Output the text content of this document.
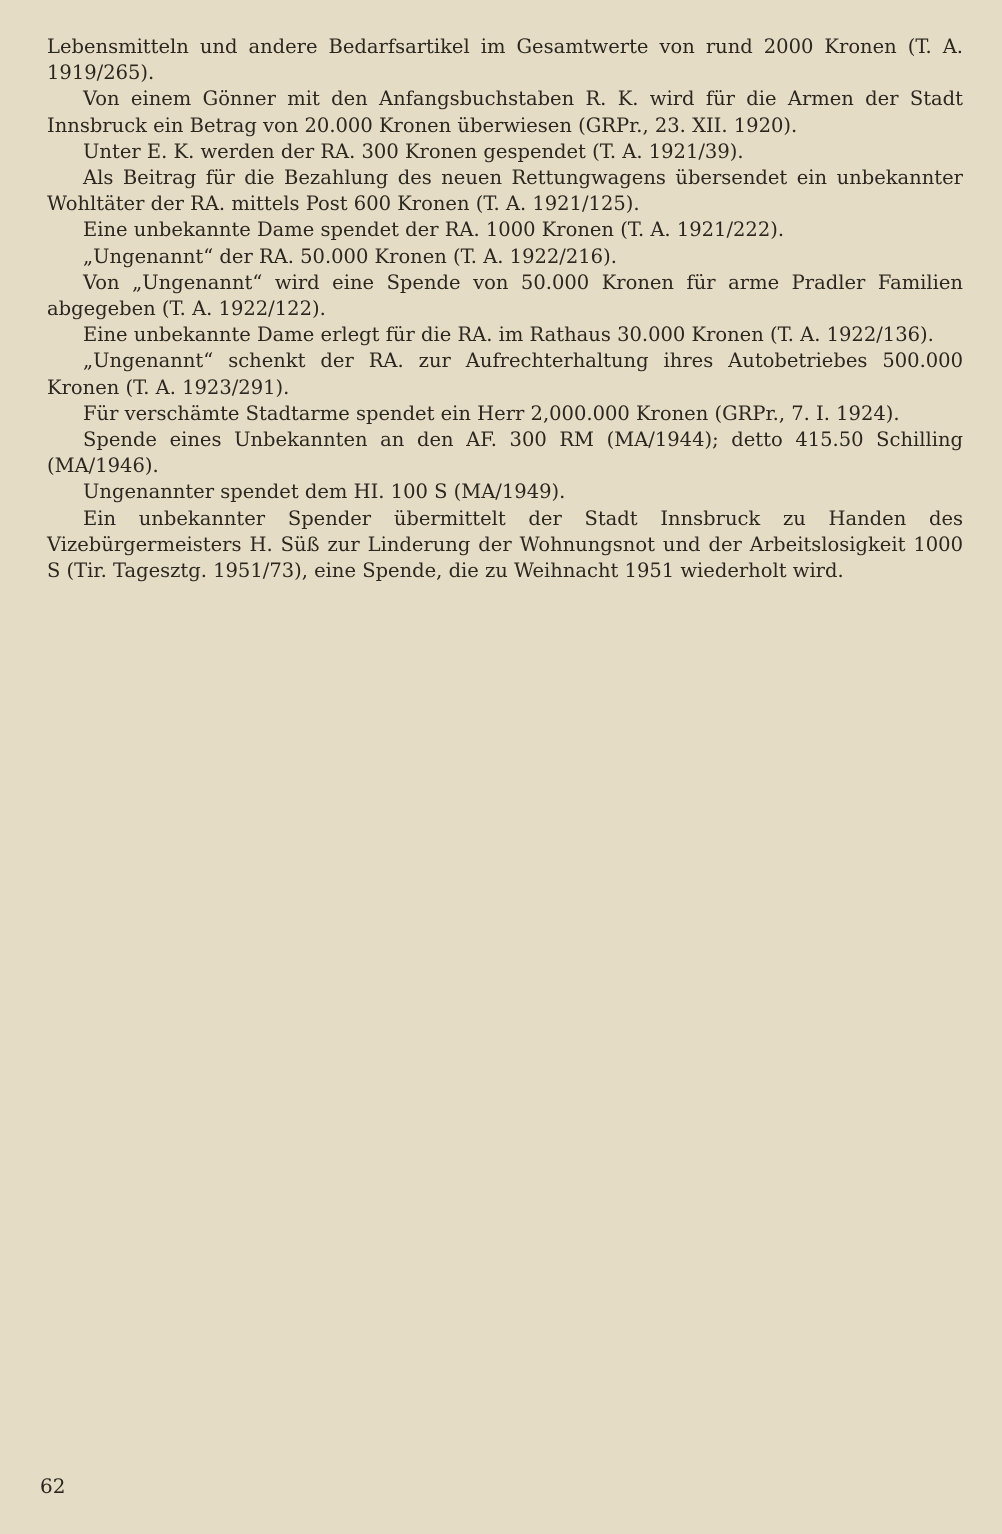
Lebensmitteln und andere Bedarfsartikel im Gesamtwerte von rund 2000 Kronen (T. A. 1919/265).

Von einem Gönner mit den Anfangsbuchstaben R. K. wird für die Armen der Stadt Innsbruck ein Betrag von 20.000 Kronen überwiesen (GRPr., 23. XII. 1920).

Unter E. K. werden der RA. 300 Kronen gespendet (T. A. 1921/39).

Als Beitrag für die Bezahlung des neuen Rettungwagens übersendet ein unbekannter Wohltäter der RA. mittels Post 600 Kronen (T. A. 1921/125).

Eine unbekannte Dame spendet der RA. 1000 Kronen (T. A. 1921/222).

„Ungenannt“ der RA. 50.000 Kronen (T. A. 1922/216).

Von „Ungenannt“ wird eine Spende von 50.000 Kronen für arme Pradler Familien abgegeben (T. A. 1922/122).

Eine unbekannte Dame erlegt für die RA. im Rathaus 30.000 Kronen (T. A. 1922/136).

„Ungenannt“ schenkt der RA. zur Aufrechterhaltung ihres Autobetriebes 500.000 Kronen (T. A. 1923/291).

Für verschämte Stadtarme spendet ein Herr 2,000.000 Kronen (GRPr., 7. I. 1924).

Spende eines Unbekannten an den AF. 300 RM (MA/1944); detto 415.50 Schilling (MA/1946).

Ungenannter spendet dem HI. 100 S (MA/1949).

Ein unbekannter Spender übermittelt der Stadt Innsbruck zu Handen des Vizebürgermeisters H. Süß zur Linderung der Wohnungsnot und der Arbeitslosigkeit 1000 S (Tir. Tagesztg. 1951/73), eine Spende, die zu Weihnacht 1951 wiederholt wird.

62
